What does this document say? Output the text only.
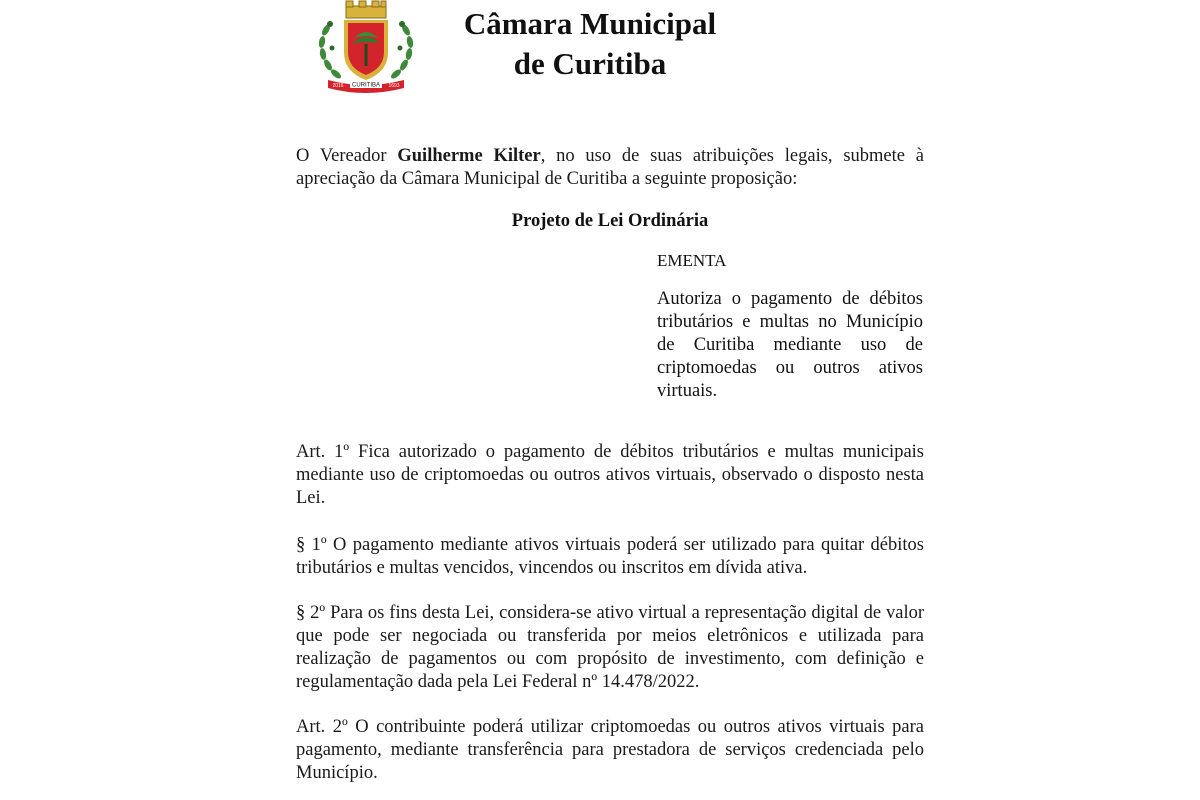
CURITIBA
2016	1693
Câmara Municipal
de Curitiba

O Vereador Guilherme Kilter, no uso de suas atribuições legais, submete à apreciação da Câmara Municipal de Curitiba a seguinte proposição:

Projeto de Lei Ordinária
EMENTA
Autoriza o pagamento de débitos tributários e multas no Município de Curitiba mediante uso de criptomoedas ou outros ativos virtuais.

Art. 1º Fica autorizado o pagamento de débitos tributários e multas municipais mediante uso de criptomoedas ou outros ativos virtuais, observado o disposto nesta Lei.

§ 1º O pagamento mediante ativos virtuais poderá ser utilizado para quitar débitos tributários e multas vencidos, vincendos ou inscritos em dívida ativa.

§ 2º Para os fins desta Lei, considera-se ativo virtual a representação digital de valor que pode ser negociada ou transferida por meios eletrônicos e utilizada para realização de pagamentos ou com propósito de investimento, com definição e regulamentação dada pela Lei Federal nº 14.478/2022.

Art. 2º O contribuinte poderá utilizar criptomoedas ou outros ativos virtuais para pagamento, mediante transferência para prestadora de serviços credenciada pelo Município.
